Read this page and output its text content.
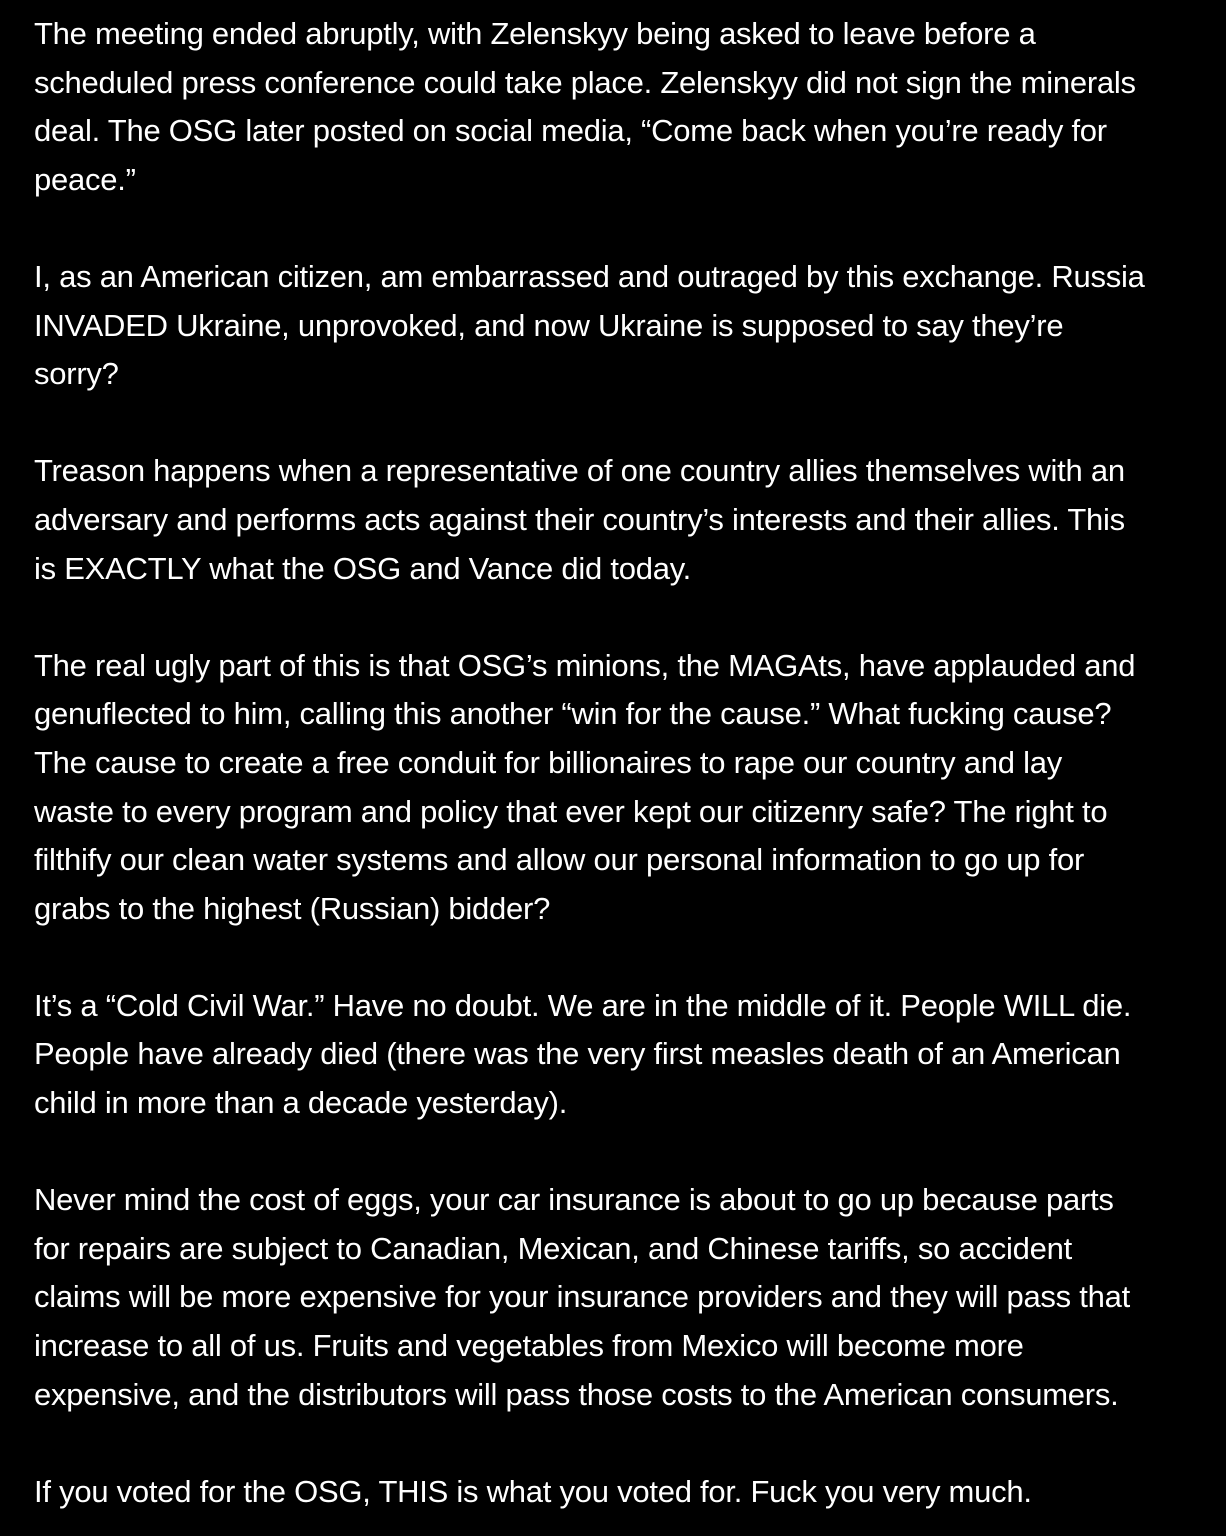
The meeting ended abruptly, with Zelenskyy being asked to leave before a
scheduled press conference could take place. Zelenskyy did not sign the minerals
deal. The OSG later posted on social media, “Come back when you’re ready for
peace.”

I, as an American citizen, am embarrassed and outraged by this exchange. Russia
INVADED Ukraine, unprovoked, and now Ukraine is supposed to say they’re
sorry?

Treason happens when a representative of one country allies themselves with an
adversary and performs acts against their country’s interests and their allies. This
is EXACTLY what the OSG and Vance did today.

The real ugly part of this is that OSG’s minions, the MAGAts, have applauded and
genuflected to him, calling this another “win for the cause.” What fucking cause?
The cause to create a free conduit for billionaires to rape our country and lay
waste to every program and policy that ever kept our citizenry safe? The right to
filthify our clean water systems and allow our personal information to go up for
grabs to the highest (Russian) bidder?

It’s a “Cold Civil War.” Have no doubt. We are in the middle of it. People WILL die.
People have already died (there was the very first measles death of an American
child in more than a decade yesterday).

Never mind the cost of eggs, your car insurance is about to go up because parts
for repairs are subject to Canadian, Mexican, and Chinese tariffs, so accident
claims will be more expensive for your insurance providers and they will pass that
increase to all of us. Fruits and vegetables from Mexico will become more
expensive, and the distributors will pass those costs to the American consumers.

If you voted for the OSG, THIS is what you voted for. Fuck you very much.
